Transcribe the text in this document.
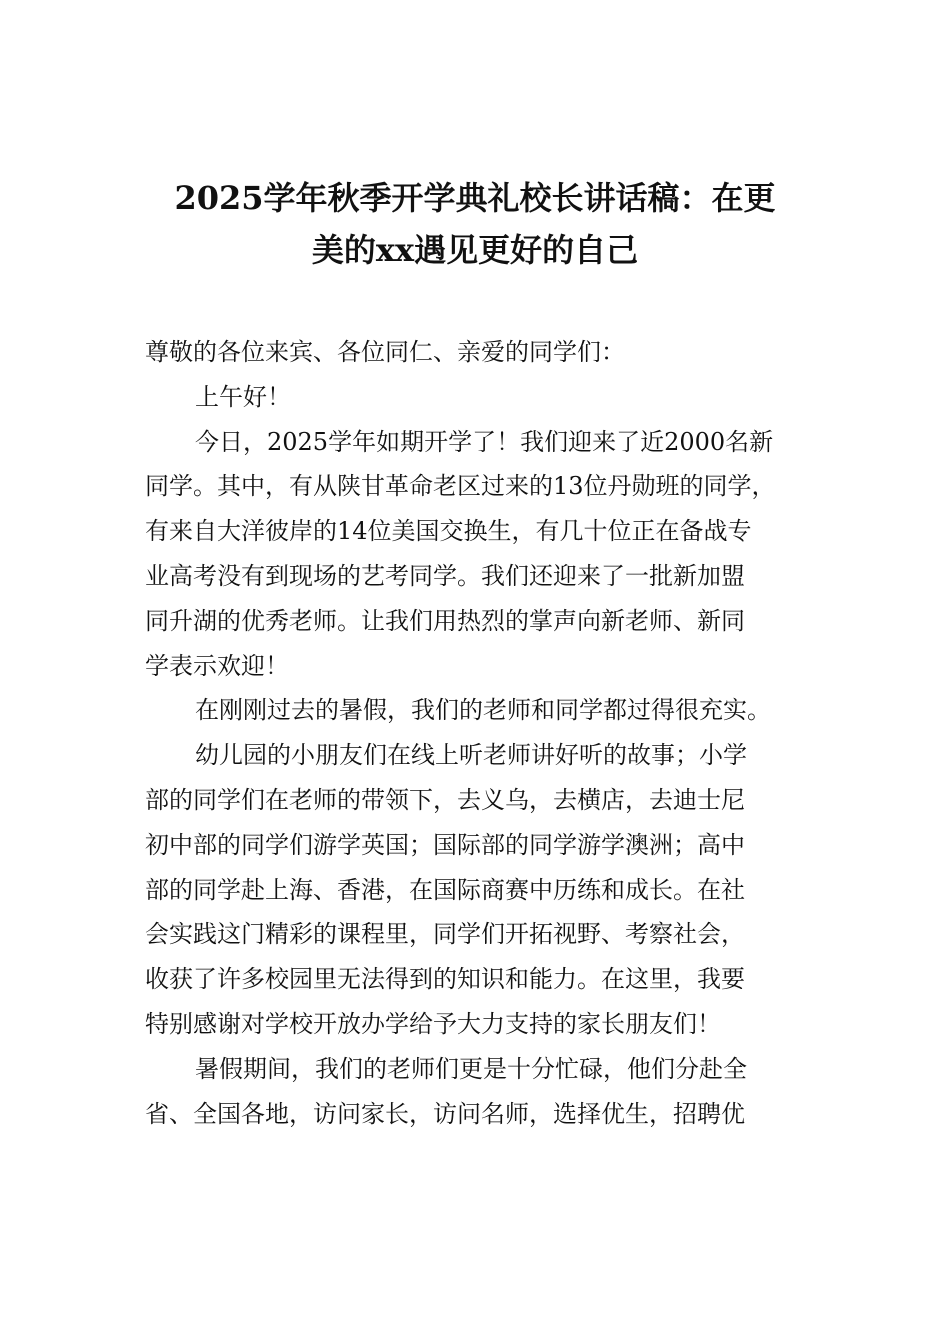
2025学年秋季开学典礼校长讲话稿：在更
美的xx遇见更好的自己

尊敬的各位来宾、各位同仁、亲爱的同学们：

上午好！

今日，2025学年如期开学了！我们迎来了近2000名新
同学。其中，有从陕甘革命老区过来的13位丹勋班的同学，
有来自大洋彼岸的14位美国交换生，有几十位正在备战专
业高考没有到现场的艺考同学。我们还迎来了一批新加盟
同升湖的优秀老师。让我们用热烈的掌声向新老师、新同
学表示欢迎！

在刚刚过去的暑假，我们的老师和同学都过得很充实。

幼儿园的小朋友们在线上听老师讲好听的故事；小学
部的同学们在老师的带领下，去义乌，去横店，去迪士尼
初中部的同学们游学英国；国际部的同学游学澳洲；高中
部的同学赴上海、香港，在国际商赛中历练和成长。在社
会实践这门精彩的课程里，同学们开拓视野、考察社会，
收获了许多校园里无法得到的知识和能力。在这里，我要
特别感谢对学校开放办学给予大力支持的家长朋友们！

暑假期间，我们的老师们更是十分忙碌，他们分赴全
省、全国各地，访问家长，访问名师，选择优生，招聘优
